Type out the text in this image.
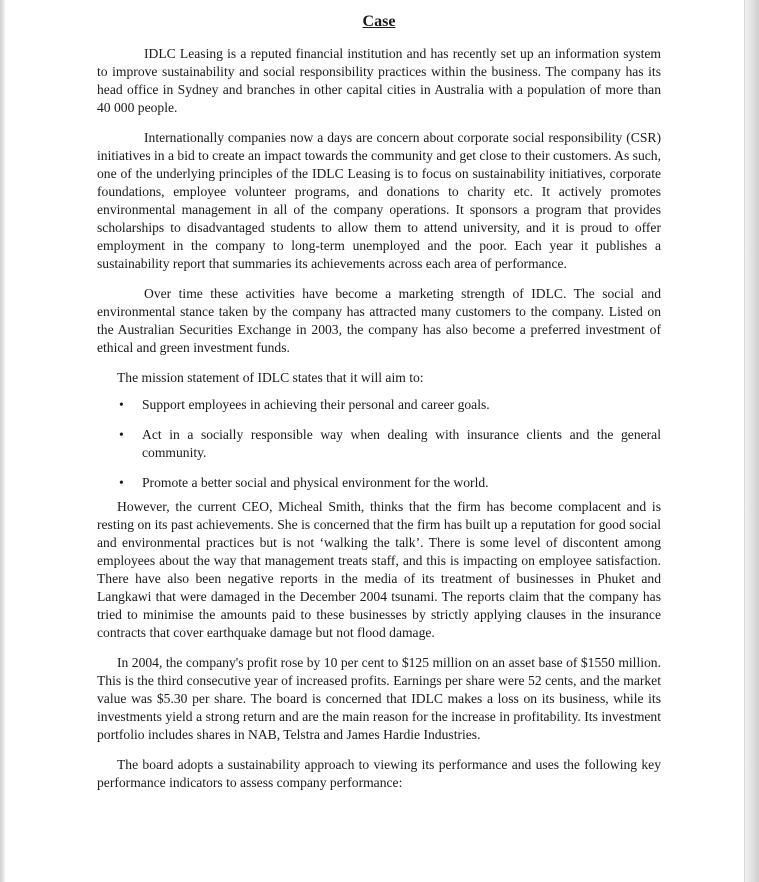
Case

IDLC Leasing is a reputed financial institution and has recently set up an information system to improve sustainability and social responsibility practices within the business. The company has its head office in Sydney and branches in other capital cities in Australia with a population of more than 40 000 people.

Internationally companies now a days are concern about corporate social responsibility (CSR) initiatives in a bid to create an impact towards the community and get close to their customers. As such, one of the underlying principles of the IDLC Leasing is to focus on sustainability initiatives, corporate foundations, employee volunteer programs, and donations to charity etc. It actively promotes environmental management in all of the company operations. It sponsors a program that provides scholarships to disadvantaged students to allow them to attend university, and it is proud to offer employment in the company to long-term unemployed and the poor. Each year it publishes a sustainability report that summaries its achievements across each area of performance.

Over time these activities have become a marketing strength of IDLC. The social and environmental stance taken by the company has attracted many customers to the company. Listed on the Australian Securities Exchange in 2003, the company has also become a preferred investment of ethical and green investment funds.

The mission statement of IDLC states that it will aim to:

• Support employees in achieving their personal and career goals.
• Act in a socially responsible way when dealing with insurance clients and the general community.
• Promote a better social and physical environment for the world.

However, the current CEO, Micheal Smith, thinks that the firm has become complacent and is resting on its past achievements. She is concerned that the firm has built up a reputation for good social and environmental practices but is not ‘walking the talk’. There is some level of discontent among employees about the way that management treats staff, and this is impacting on employee satisfaction. There have also been negative reports in the media of its treatment of businesses in Phuket and Langkawi that were damaged in the December 2004 tsunami. The reports claim that the company has tried to minimise the amounts paid to these businesses by strictly applying clauses in the insurance contracts that cover earthquake damage but not flood damage.

In 2004, the company's profit rose by 10 per cent to $125 million on an asset base of $1550 million. This is the third consecutive year of increased profits. Earnings per share were 52 cents, and the market value was $5.30 per share. The board is concerned that IDLC makes a loss on its business, while its investments yield a strong return and are the main reason for the increase in profitability. Its investment portfolio includes shares in NAB, Telstra and James Hardie Industries.

The board adopts a sustainability approach to viewing its performance and uses the following key performance indicators to assess company performance:
